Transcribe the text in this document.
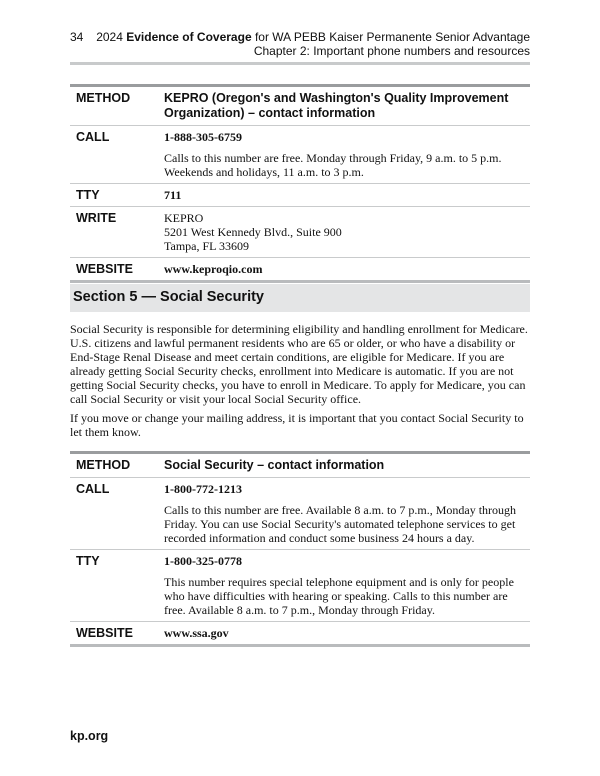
34 2024 Evidence of Coverage for WA PEBB Kaiser Permanente Senior Advantage
Chapter 2: Important phone numbers and resources
METHOD	KEPRO (Oregon's and Washington's Quality Improvement Organization) – contact information
CALL	1-888-305-6759
Calls to this number are free. Monday through Friday, 9 a.m. to 5 p.m. Weekends and holidays, 11 a.m. to 3 p.m.

TTY	711
WRITE	KEPRO
5201 West Kennedy Blvd., Suite 900
Tampa, FL 33609

WEBSITE	www.keproqio.com
Section 5 — Social Security
Social Security is responsible for determining eligibility and handling enrollment for Medicare. U.S. citizens and lawful permanent residents who are 65 or older, or who have a disability or End-Stage Renal Disease and meet certain conditions, are eligible for Medicare. If you are already getting Social Security checks, enrollment into Medicare is automatic. If you are not getting Social Security checks, you have to enroll in Medicare. To apply for Medicare, you can call Social Security or visit your local Social Security office.
If you move or change your mailing address, it is important that you contact Social Security to let them know.
METHOD	Social Security – contact information
CALL	1-800-772-1213
Calls to this number are free. Available 8 a.m. to 7 p.m., Monday through Friday. You can use Social Security's automated telephone services to get recorded information and conduct some business 24 hours a day.

TTY	1-800-325-0778
This number requires special telephone equipment and is only for people who have difficulties with hearing or speaking. Calls to this number are free. Available 8 a.m. to 7 p.m., Monday through Friday.

WEBSITE	www.ssa.gov
kp.org
